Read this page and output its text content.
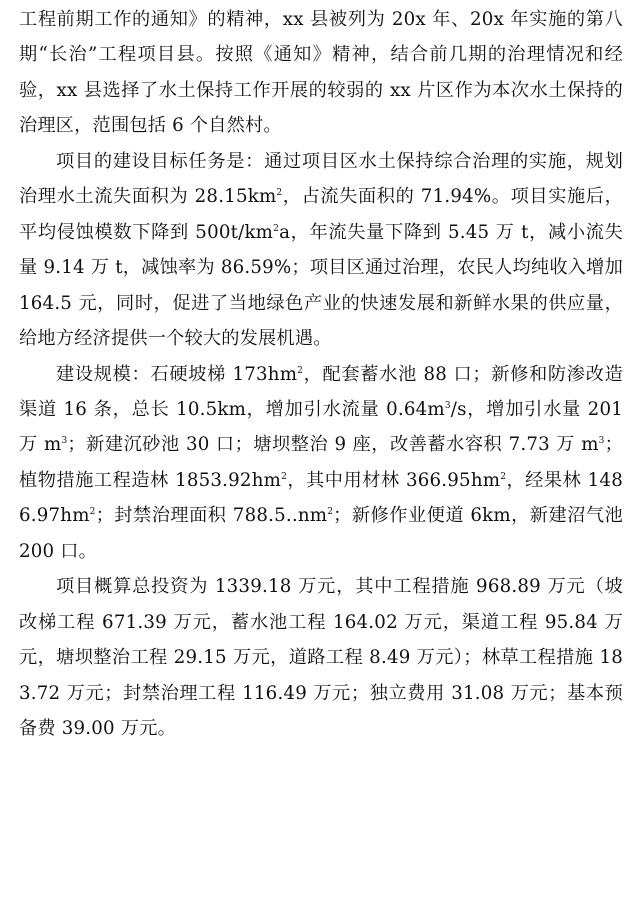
工程前期工作的通知》的精神，xx 县被列为 20x 年、20x 年实施的第八期“长治”工程项目县。按照《通知》精神，结合前几期的治理情况和经验，xx 县选择了水土保持工作开展的较弱的 xx 片区作为本次水土保持的治理区，范围包括 6 个自然村。

项目的建设目标任务是：通过项目区水土保持综合治理的实施，规划治理水土流失面积为 $28.15km^2$，占流失面积的 71.94%。项目实施后，平均侵蚀模数下降到 $500t/km^2a$，年流失量下降到 5.45 万 t，减小流失量 9.14 万 t，减蚀率为 86.59%；项目区通过治理，农民人均纯收入增加 164.5 元，同时，促进了当地绿色产业的快速发展和新鲜水果的供应量，给地方经济提供一个较大的发展机遇。

建设规模：石硬坡梯 $173hm^2$，配套蓄水池 88 口；新修和防渗改造渠道 16 条，总长 10.5km，增加引水流量 $0.64m^3/s$，增加引水量 201 万 $m^3$；新建沉砂池 30 口；塘坝整治 9 座，改善蓄水容积 7.73 万 $m^3$；植物措施工程造林 $1853.92hm^2$，其中用材林 $366.95hm^2$，经果林 $1486.97hm^2$；封禁治理面积 $788.5..nm^2$；新修作业便道 6km，新建沼气池 200 口。

项目概算总投资为 1339.18 万元，其中工程措施 968.89 万元（坡改梯工程 671.39 万元，蓄水池工程 164.02 万元，渠道工程 95.84 万元，塘坝整治工程 29.15 万元，道路工程 8.49 万元）；林草工程措施 183.72 万元；封禁治理工程 116.49 万元；独立费用 31.08 万元；基本预备费 39.00 万元。
